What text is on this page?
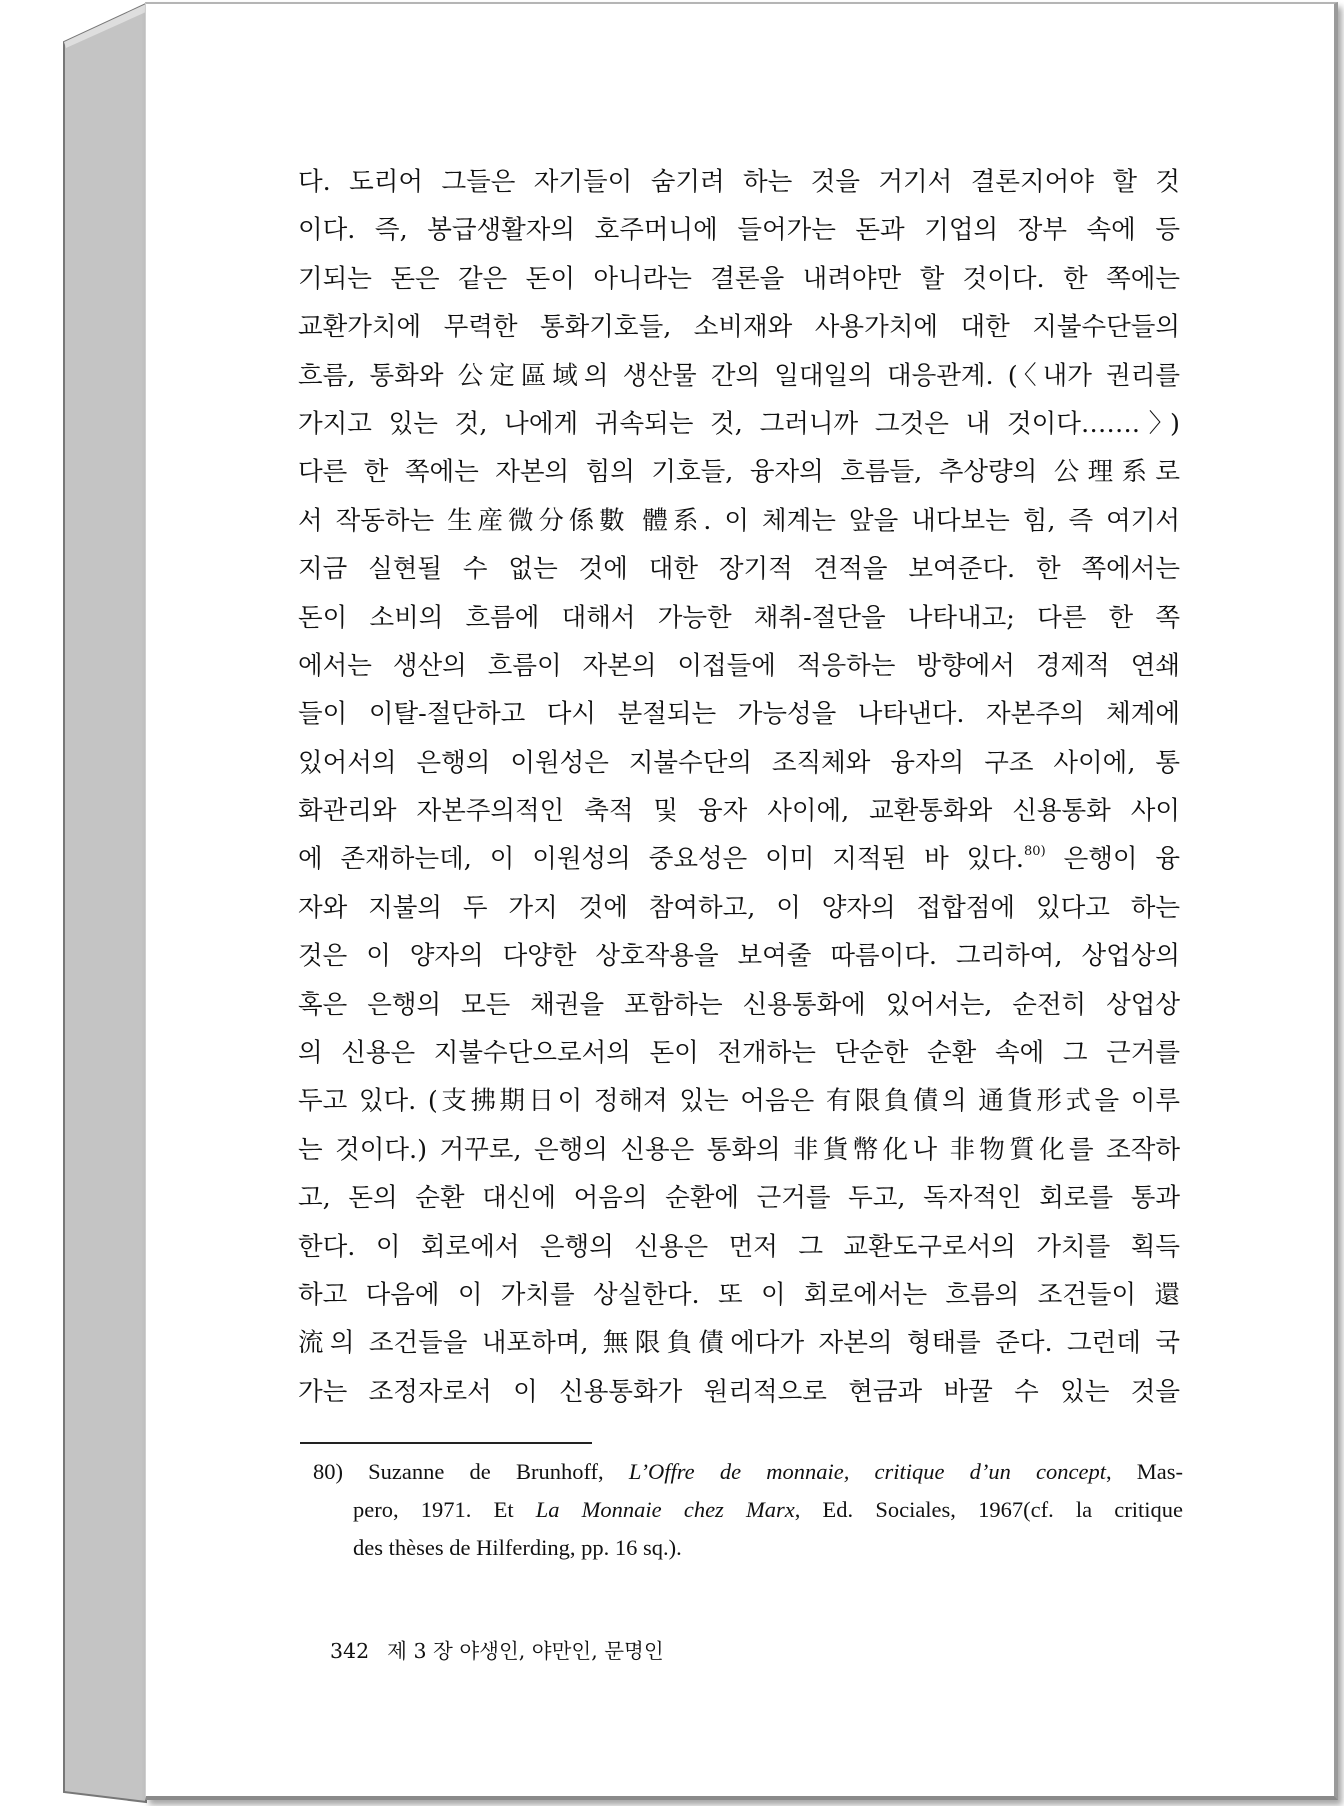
다. 도리어 그들은 자기들이 숨기려 하는 것을 거기서 결론지어야 할 것
이다. 즉, 봉급생활자의 호주머니에 들어가는 돈과 기업의 장부 속에 등
기되는 돈은 같은 돈이 아니라는 결론을 내려야만 할 것이다. 한 쪽에는
교환가치에 무력한 통화기호들, 소비재와 사용가치에 대한 지불수단들의
흐름, 통화와 公定區域의 생산물 간의 일대일의 대응관계. (〈내가 권리를
가지고 있는 것, 나에게 귀속되는 것, 그러니까 그것은 내 것이다…….〉)
다른 한 쪽에는 자본의 힘의 기호들, 융자의 흐름들, 추상량의 公理系로
서 작동하는 生産微分係數 體系. 이 체계는 앞을 내다보는 힘, 즉 여기서
지금 실현될 수 없는 것에 대한 장기적 견적을 보여준다. 한 쪽에서는
돈이 소비의 흐름에 대해서 가능한 채취-절단을 나타내고; 다른 한 쪽
에서는 생산의 흐름이 자본의 이접들에 적응하는 방향에서 경제적 연쇄
들이 이탈-절단하고 다시 분절되는 가능성을 나타낸다. 자본주의 체계에
있어서의 은행의 이원성은 지불수단의 조직체와 융자의 구조 사이에, 통
화관리와 자본주의적인 축적 및 융자 사이에, 교환통화와 신용통화 사이
에 존재하는데, 이 이원성의 중요성은 이미 지적된 바 있다.$^{80)}$ 은행이 융
자와 지불의 두 가지 것에 참여하고, 이 양자의 접합점에 있다고 하는
것은 이 양자의 다양한 상호작용을 보여줄 따름이다. 그리하여, 상업상의
혹은 은행의 모든 채권을 포함하는 신용통화에 있어서는, 순전히 상업상
의 신용은 지불수단으로서의 돈이 전개하는 단순한 순환 속에 그 근거를
두고 있다. (支拂期日이 정해져 있는 어음은 有限負債의 通貨形式을 이루
는 것이다.) 거꾸로, 은행의 신용은 통화의 非貨幣化나 非物質化를 조작하
고, 돈의 순환 대신에 어음의 순환에 근거를 두고, 독자적인 회로를 통과
한다. 이 회로에서 은행의 신용은 먼저 그 교환도구로서의 가치를 획득
하고 다음에 이 가치를 상실한다. 또 이 회로에서는 흐름의 조건들이 還
流의 조건들을 내포하며, 無限負債에다가 자본의 형태를 준다. 그런데 국
가는 조정자로서 이 신용통화가 원리적으로 현금과 바꿀 수 있는 것을
80) Suzanne de Brunhoff, L’Offre de monnaie, critique d’un concept, Mas-
pero, 1971. Et La Monnaie chez Marx, Ed. Sociales, 1967(cf. la critique
des thèses de Hilferding, pp. 16 sq.).
342 제 3 장 야생인, 야만인, 문명인
